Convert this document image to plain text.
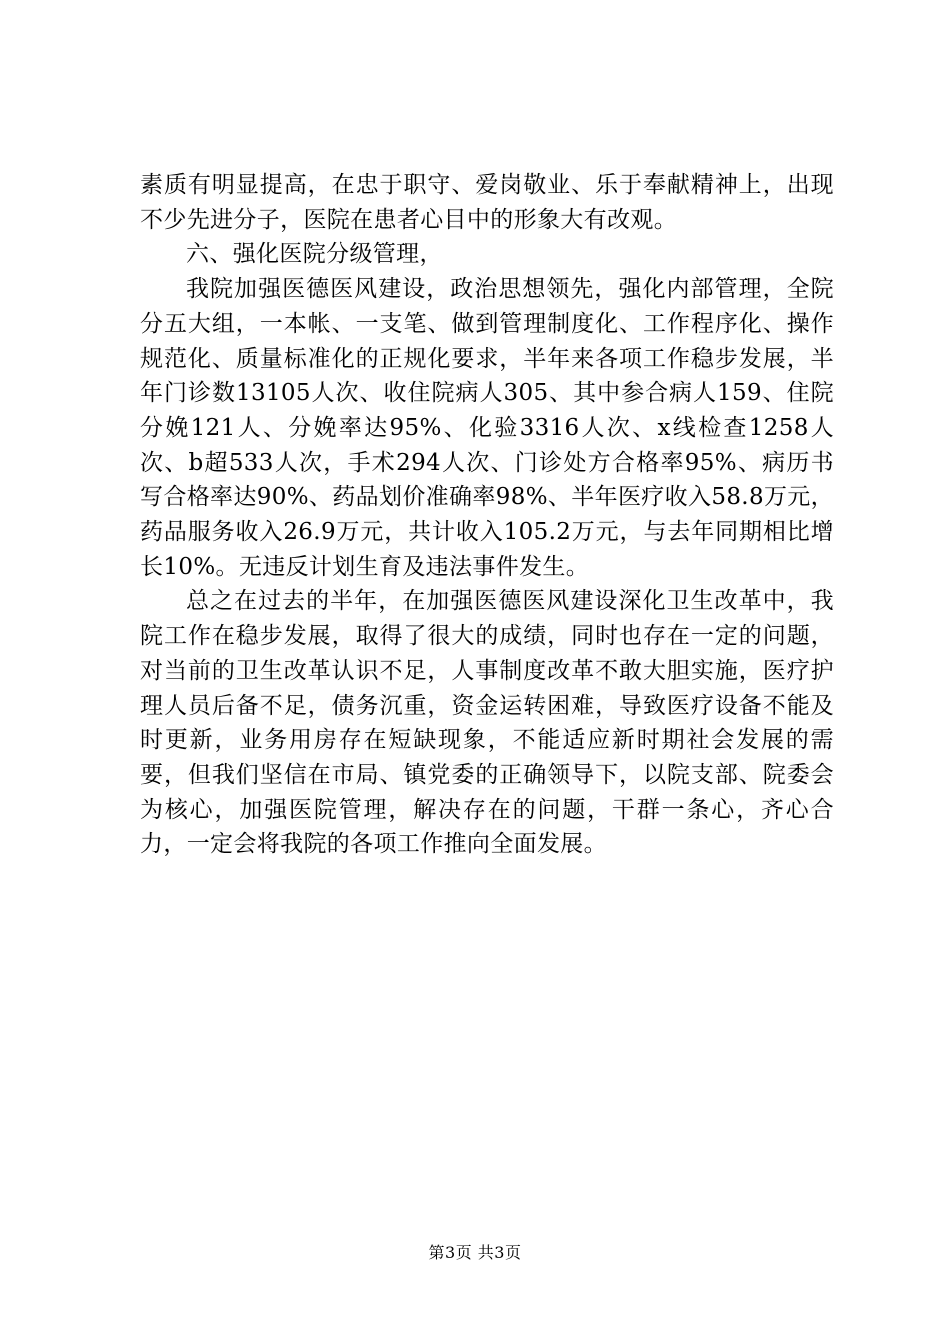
素质有明显提高，在忠于职守、爱岗敬业、乐于奉献精神上，出现不少先进分子，医院在患者心目中的形象大有改观。

六、强化医院分级管理，

我院加强医德医风建设，政治思想领先，强化内部管理，全院分五大组，一本帐、一支笔、做到管理制度化、工作程序化、操作规范化、质量标准化的正规化要求，半年来各项工作稳步发展，半年门诊数13105人次、收住院病人305、其中参合病人159、住院分娩121人、分娩率达95%、化验3316人次、x线检查1258人次、b超533人次，手术294人次、门诊处方合格率95%、病历书写合格率达90%、药品划价准确率98%、半年医疗收入58.8万元，药品服务收入26.9万元，共计收入105.2万元，与去年同期相比增长10%。无违反计划生育及违法事件发生。

总之在过去的半年，在加强医德医风建设深化卫生改革中，我院工作在稳步发展，取得了很大的成绩，同时也存在一定的问题，对当前的卫生改革认识不足，人事制度改革不敢大胆实施，医疗护理人员后备不足，债务沉重，资金运转困难，导致医疗设备不能及时更新，业务用房存在短缺现象，不能适应新时期社会发展的需要，但我们坚信在市局、镇党委的正确领导下，以院支部、院委会为核心，加强医院管理，解决存在的问题，干群一条心，齐心合力，一定会将我院的各项工作推向全面发展。

第3页 共3页
